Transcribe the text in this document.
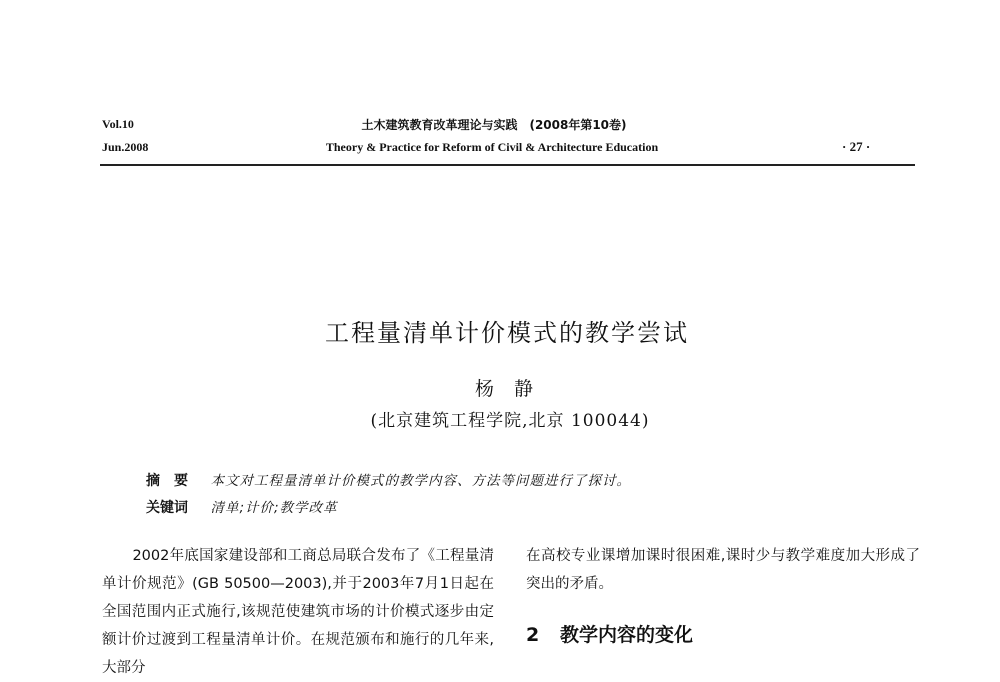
Vol.10
Jun.2008
土木建筑教育改革理论与实践　(2008年第10卷)
Theory & Practice for Reform of Civil & Architecture Education	· 27 ·
工程量清单计价模式的教学尝试
杨静
(北京建筑工程学院,北京 100044)
摘要 本文对工程量清单计价模式的教学内容、方法等问题进行了探讨。
关键词 清单;计价;教学改革

2002年底国家建设部和工商总局联合发布了《工程量清单计价规范》(GB 50500—2003),并于2003年7月1日起在全国范围内正式施行,该规范使建筑市场的计价模式逐步由定额计价过渡到工程量清单计价。在规范颁布和施行的几年来,大部分

在高校专业课增加课时很困难,课时少与教学难度加大形成了突出的矛盾。

2 教学内容的变化
